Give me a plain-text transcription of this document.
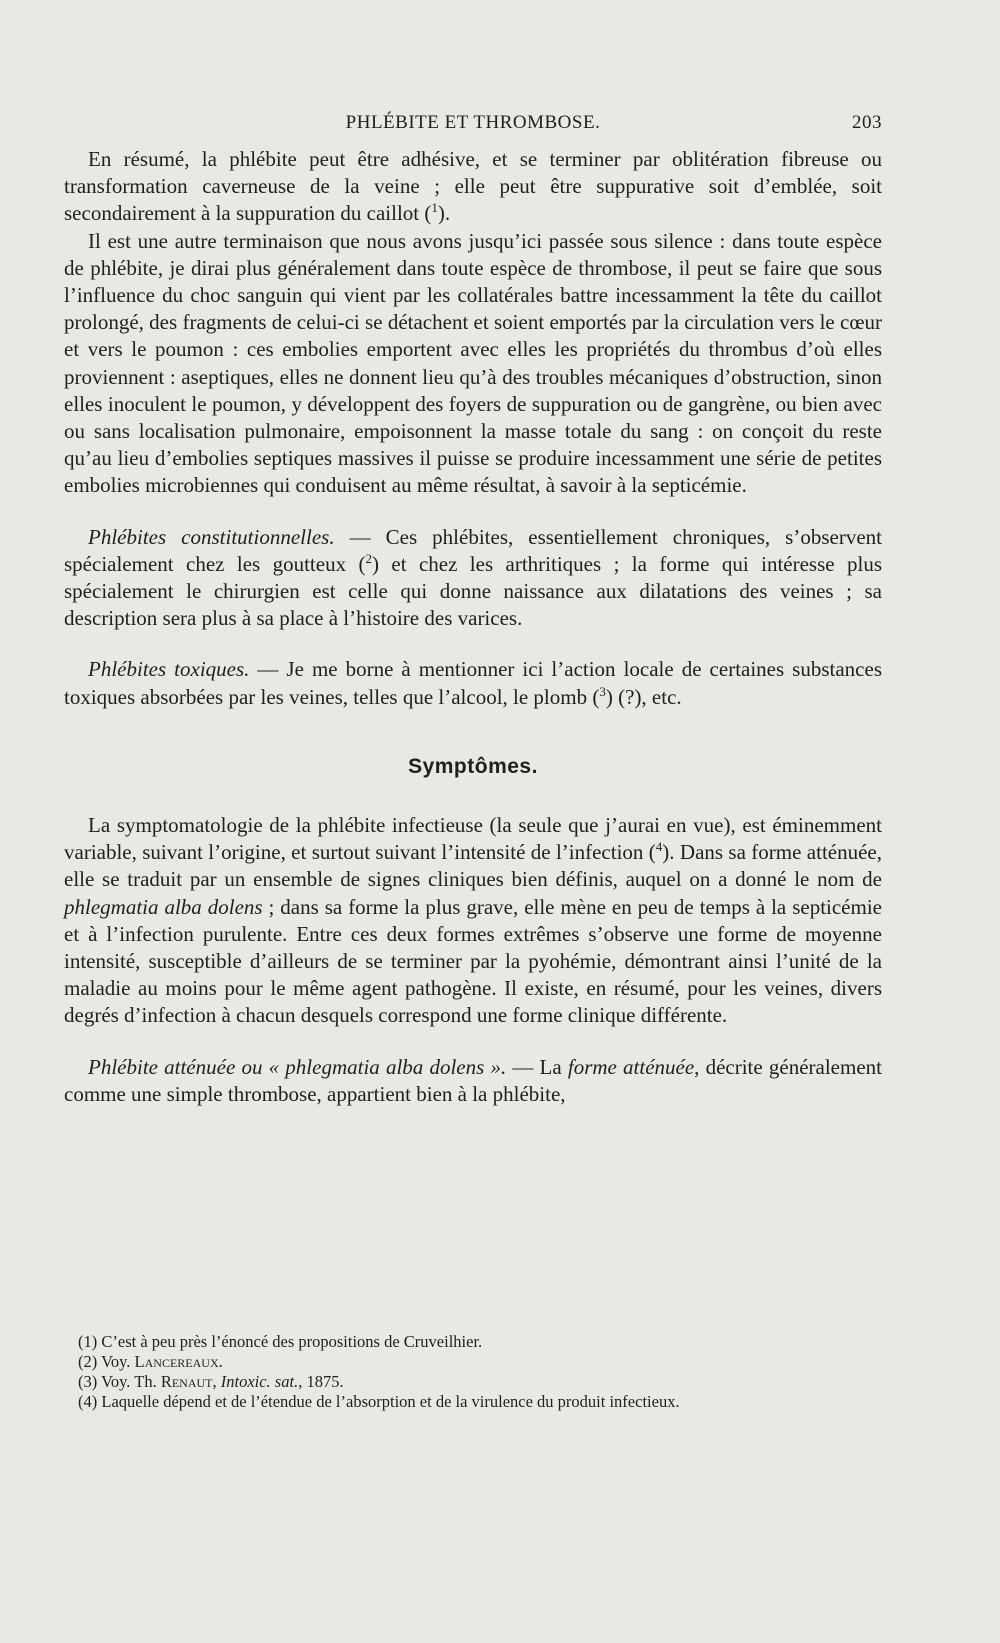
PHLÉBITE ET THROMBOSE.	203

En résumé, la phlébite peut être adhésive, et se terminer par oblitération fibreuse ou transformation caverneuse de la veine ; elle peut être suppurative soit d’emblée, soit secondairement à la suppuration du caillot ($^1$).

Il est une autre terminaison que nous avons jusqu’ici passée sous silence : dans toute espèce de phlébite, je dirai plus généralement dans toute espèce de thrombose, il peut se faire que sous l’influence du choc sanguin qui vient par les collatérales battre incessamment la tête du caillot prolongé, des fragments de celui-ci se détachent et soient emportés par la circulation vers le cœur et vers le poumon : ces embolies emportent avec elles les propriétés du thrombus d’où elles proviennent : aseptiques, elles ne donnent lieu qu’à des troubles mécaniques d’obstruction, sinon elles inoculent le poumon, y développent des foyers de suppuration ou de gangrène, ou bien avec ou sans localisation pulmonaire, empoisonnent la masse totale du sang : on conçoit du reste qu’au lieu d’embolies septiques massives il puisse se produire incessamment une série de petites embolies microbiennes qui conduisent au même résultat, à savoir à la septicémie.

Phlébites constitutionnelles. — Ces phlébites, essentiellement chroniques, s’observent spécialement chez les goutteux ($^2$) et chez les arthritiques ; la forme qui intéresse plus spécialement le chirurgien est celle qui donne naissance aux dilatations des veines ; sa description sera plus à sa place à l’histoire des varices.

Phlébites toxiques. — Je me borne à mentionner ici l’action locale de certaines substances toxiques absorbées par les veines, telles que l’alcool, le plomb ($^3$) (?), etc.

Symptômes.

La symptomatologie de la phlébite infectieuse (la seule que j’aurai en vue), est éminemment variable, suivant l’origine, et surtout suivant l’intensité de l’infection ($^4$). Dans sa forme atténuée, elle se traduit par un ensemble de signes cliniques bien définis, auquel on a donné le nom de phlegmatia alba dolens ; dans sa forme la plus grave, elle mène en peu de temps à la septicémie et à l’infection purulente. Entre ces deux formes extrêmes s’observe une forme de moyenne intensité, susceptible d’ailleurs de se terminer par la pyohémie, démontrant ainsi l’unité de la maladie au moins pour le même agent pathogène. Il existe, en résumé, pour les veines, divers degrés d’infection à chacun desquels correspond une forme clinique différente.

Phlébite atténuée ou « phlegmatia alba dolens ». — La forme atténuée, décrite généralement comme une simple thrombose, appartient bien à la phlébite,

(1) C’est à peu près l’énoncé des propositions de Cruveilhier.

(2) Voy. Lancereaux.

(3) Voy. Th. Renaut, Intoxic. sat., 1875.

(4) Laquelle dépend et de l’étendue de l’absorption et de la virulence du produit infectieux.
